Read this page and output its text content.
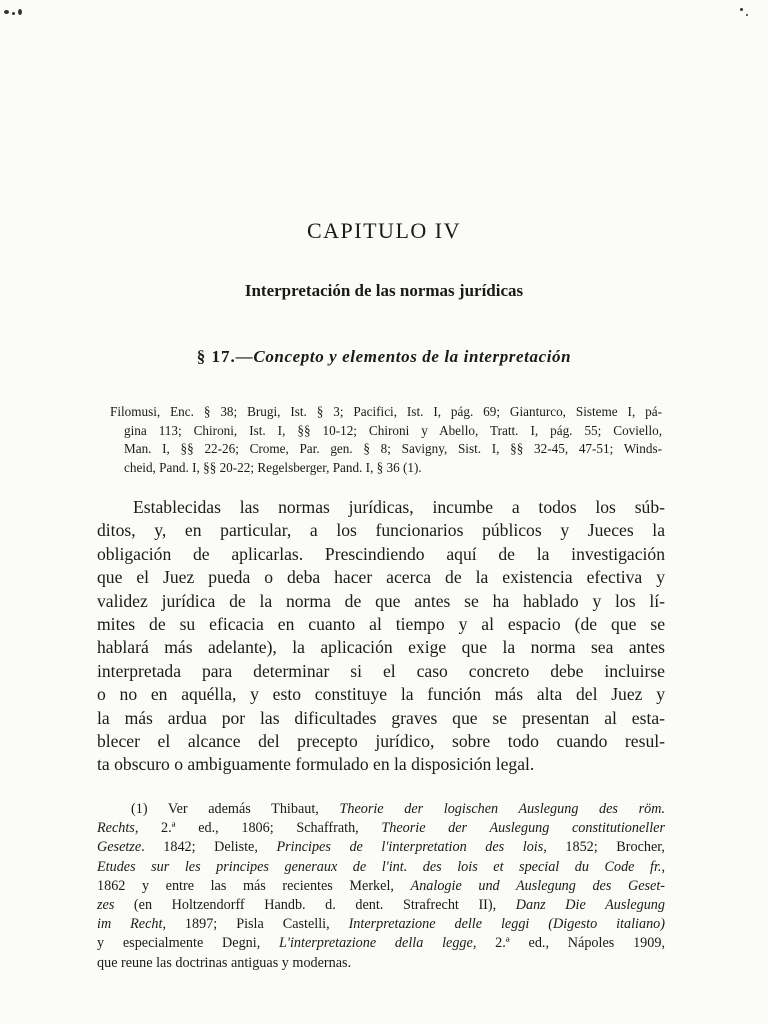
CAPITULO IV
Interpretación de las normas jurídicas
§ 17.—Concepto y elementos de la interpretación
Filomusi, Enc. § 38; Brugi, Ist. § 3; Pacifici, Ist. I, pág. 69; Gianturco, Sisteme I, pá-
gina 113; Chironi, Ist. I, §§ 10-12; Chironi y Abello, Tratt. I, pág. 55; Coviello,
Man. I, §§ 22-26; Crome, Par. gen. § 8; Savigny, Sist. I, §§ 32-45, 47-51; Winds-
cheid, Pand. I, §§ 20-22; Regelsberger, Pand. I, § 36 (1).
Establecidas las normas jurídicas, incumbe a todos los súb-
ditos, y, en particular, a los funcionarios públicos y Jueces la
obligación de aplicarlas. Prescindiendo aquí de la investigación
que el Juez pueda o deba hacer acerca de la existencia efectiva y
validez jurídica de la norma de que antes se ha hablado y los lí-
mites de su eficacia en cuanto al tiempo y al espacio (de que se
hablará más adelante), la aplicación exige que la norma sea antes
interpretada para determinar si el caso concreto debe incluirse
o no en aquélla, y esto constituye la función más alta del Juez y
la más ardua por las dificultades graves que se presentan al esta-
blecer el alcance del precepto jurídico, sobre todo cuando resul-
ta obscuro o ambiguamente formulado en la disposición legal.
(1) Ver además Thibaut, Theorie der logischen Auslegung des röm.
Rechts, 2.ª ed., 1806; Schaffrath, Theorie der Auslegung constitutioneller
Gesetze. 1842; Deliste, Principes de l'interpretation des lois, 1852; Brocher,
Etudes sur les principes generaux de l'int. des lois et special du Code fr.,
1862 y entre las más recientes Merkel, Analogie und Auslegung des Geset-
zes (en Holtzendorff Handb. d. dent. Strafrecht II), Danz Die Auslegung
im Recht, 1897; Pisla Castelli, Interpretazione delle leggi (Digesto italiano)
y especialmente Degni, L'interpretazione della legge, 2.ª ed., Nápoles 1909,
que reune las doctrinas antiguas y modernas.
